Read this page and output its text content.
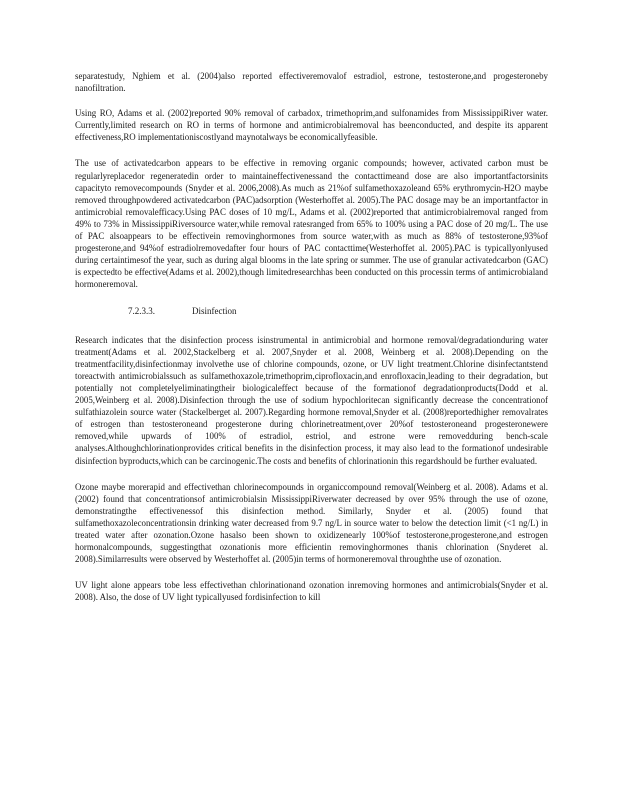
separatestudy, Nghiem et al. (2004)also reported effectiveremovalof estradiol, estrone, testosterone,and progesteroneby nanofiltration.

Using RO, Adams et al. (2002)reported 90% removal of carbadox, trimethoprim,and sulfonamides from MississippiRiver water. Currently,limited research on RO in terms of hormone and antimicrobialremoval has beenconducted, and despite its apparent effectiveness,RO implementationiscostlyand maynotalways be economicallyfeasible.

The use of activatedcarbon appears to be effective in removing organic compounds; however, activated carbon must be regularlyreplacedor regeneratedin order to maintaineffectivenessand the contacttimeand dose are also importantfactorsinits capacityto removecompounds (Snyder et al. 2006,2008).As much as 21%of sulfamethoxazoleand 65% erythromycin-H2O maybe removed throughpowdered activatedcarbon (PAC)adsorption (Westerhoffet al. 2005).The PAC dosage may be an importantfactor in antimicrobial removalefficacy.Using PAC doses of 10 mg/L, Adams et al. (2002)reported that antimicrobialremoval ranged from 49% to 73% in MississippiRiversource water,while removal ratesranged from 65% to 100% using a PAC dose of 20 mg/L. The use of PAC alsoappears to be effectivein removinghormones from source water,with as much as 88% of testosterone,93%of progesterone,and 94%of estradiolremovedafter four hours of PAC contacttime(Westerhoffet al. 2005).PAC is typicallyonlyused during certaintimesof the year, such as during algal blooms in the late spring or summer. The use of granular activatedcarbon (GAC) is expectedto be effective(Adams et al. 2002),though limitedresearchhas been conducted on this processin terms of antimicrobialand hormoneremoval.

7.2.3.3.	Disinfection

Research indicates that the disinfection process isinstrumental in antimicrobial and hormone removal/degradationduring water treatment(Adams et al. 2002,Stackelberg et al. 2007,Snyder et al. 2008, Weinberg et al. 2008).Depending on the treatmentfacility,disinfectionmay involvethe use of chlorine compounds, ozone, or UV light treatment.Chlorine disinfectantstend toreactwith antimicrobialssuch as sulfamethoxazole,trimethoprim,ciprofloxacin,and enrofloxacin,leading to their degradation, but potentially not completelyeliminatingtheir biologicaleffect because of the formationof degradationproducts(Dodd et al. 2005,Weinberg et al. 2008).Disinfection through the use of sodium hypochloritecan significantly decrease the concentrationof sulfathiazolein source water (Stackelberget al. 2007).Regarding hormone removal,Snyder et al. (2008)reportedhigher removalrates of estrogen than testosteroneand progesterone during chlorinetreatment,over 20%of testosteroneand progesteronewere removed,while upwards of 100% of estradiol, estriol, and estrone were removedduring bench-scale analyses.Althoughchlorinationprovides critical benefits in the disinfection process, it may also lead to the formationof undesirable disinfection byproducts,which can be carcinogenic.The costs and benefits of chlorinationin this regardshould be further evaluated.

Ozone maybe morerapid and effectivethan chlorinecompounds in organiccompound removal(Weinberg et al. 2008). Adams et al. (2002) found that concentrationsof antimicrobialsin MississippiRiverwater decreased by over 95% through the use of ozone, demonstratingthe effectivenessof this disinfection method. Similarly, Snyder et al. (2005) found that sulfamethoxazoleconcentrationsin drinking water decreased from 9.7 ng/L in source water to below the detection limit (<1 ng/L) in treated water after ozonation.Ozone hasalso been shown to oxidizenearly 100%of testosterone,progesterone,and estrogen hormonalcompounds, suggestingthat ozonationis more efficientin removinghormones thanis chlorination (Snyderet al. 2008).Similarresults were observed by Westerhoffet al. (2005)in terms of hormoneremoval throughthe use of ozonation.

UV light alone appears tobe less effectivethan chlorinationand ozonation inremoving hormones and antimicrobials(Snyder et al. 2008). Also, the dose of UV light typicallyused fordisinfection to kill
